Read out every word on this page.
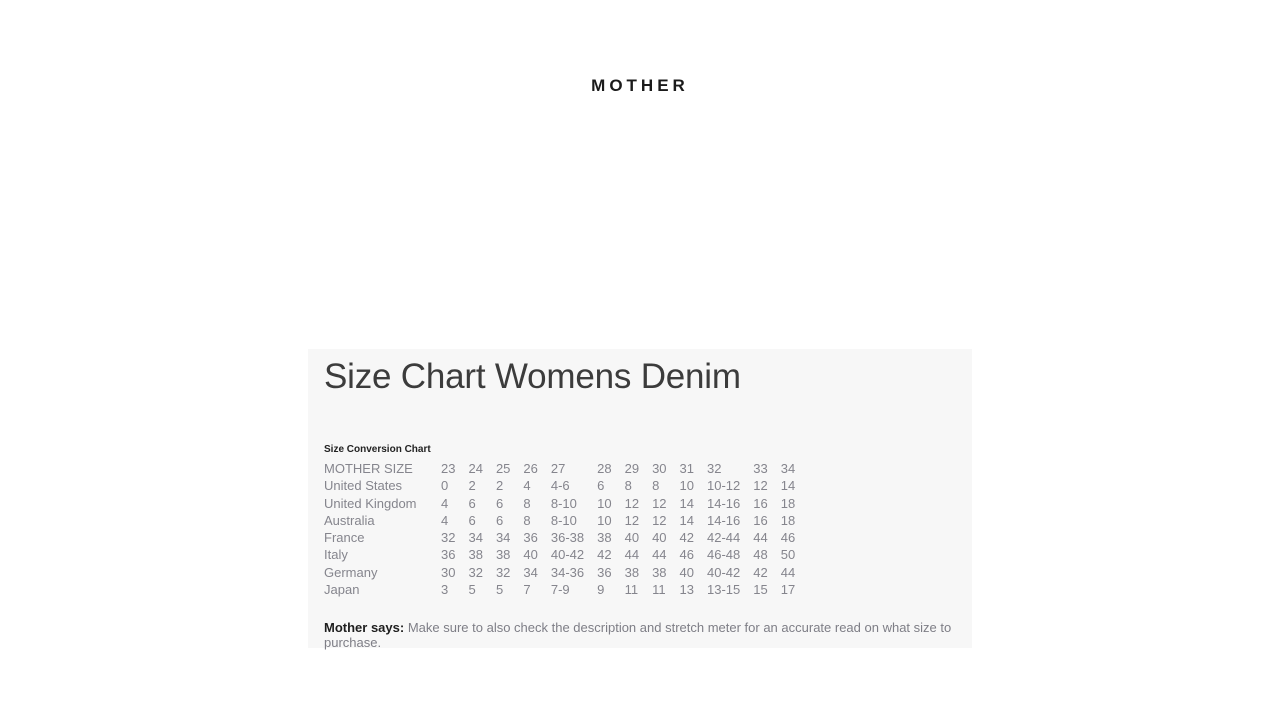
MOTHER
Size Chart Womens Denim
Size Conversion Chart
MOTHER SIZE	23	24	25	26	27	28	29	30	31	32	33	34
United States	0	2	2	4	4-6	6	8	8	10	10-12	12	14
United Kingdom	4	6	6	8	8-10	10	12	12	14	14-16	16	18
Australia	4	6	6	8	8-10	10	12	12	14	14-16	16	18
France	32	34	34	36	36-38	38	40	40	42	42-44	44	46
Italy	36	38	38	40	40-42	42	44	44	46	46-48	48	50
Germany	30	32	32	34	34-36	36	38	38	40	40-42	42	44
Japan	3	5	5	7	7-9	9	11	11	13	13-15	15	17

Mother says: Make sure to also check the description and stretch meter for an accurate read on what size to purchase.
